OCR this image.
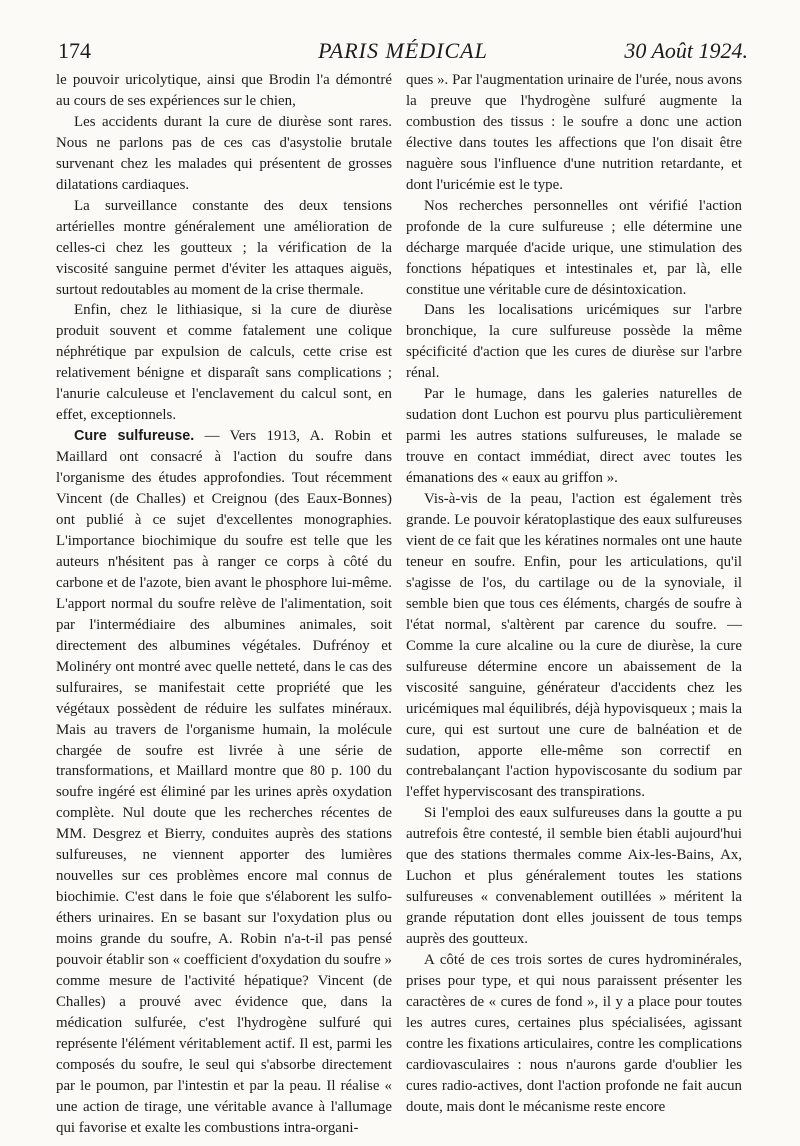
174	PARIS MÉDICAL	30 Août 1924.

le pouvoir uricolytique, ainsi que Brodin l'a démontré au cours de ses expériences sur le chien,

Les accidents durant la cure de diurèse sont rares. Nous ne parlons pas de ces cas d'asystolie brutale survenant chez les malades qui présentent de grosses dilatations cardiaques.

La surveillance constante des deux tensions artérielles montre généralement une amélioration de celles-ci chez les goutteux ; la vérification de la viscosité sanguine permet d'éviter les attaques aiguës, surtout redoutables au moment de la crise thermale.

Enfin, chez le lithiasique, si la cure de diurèse produit souvent et comme fatalement une colique néphrétique par expulsion de calculs, cette crise est relativement bénigne et disparaît sans complications ; l'anurie calculeuse et l'enclavement du calcul sont, en effet, exceptionnels.

Cure sulfureuse. — Vers 1913, A. Robin et Maillard ont consacré à l'action du soufre dans l'organisme des études approfondies. Tout récemment Vincent (de Challes) et Creignou (des Eaux-Bonnes) ont publié à ce sujet d'excellentes monographies. L'importance biochimique du soufre est telle que les auteurs n'hésitent pas à ranger ce corps à côté du carbone et de l'azote, bien avant le phosphore lui-même. L'apport normal du soufre relève de l'alimentation, soit par l'intermédiaire des albumines animales, soit directement des albumines végétales. Dufrénoy et Molinéry ont montré avec quelle netteté, dans le cas des sulfuraires, se manifestait cette propriété que les végétaux possèdent de réduire les sulfates minéraux. Mais au travers de l'organisme humain, la molécule chargée de soufre est livrée à une série de transformations, et Maillard montre que 80 p. 100 du soufre ingéré est éliminé par les urines après oxydation complète. Nul doute que les recherches récentes de MM. Desgrez et Bierry, conduites auprès des stations sulfureuses, ne viennent apporter des lumières nouvelles sur ces problèmes encore mal connus de biochimie. C'est dans le foie que s'élaborent les sulfo-éthers urinaires. En se basant sur l'oxydation plus ou moins grande du soufre, A. Robin n'a-t-il pas pensé pouvoir établir son « coefficient d'oxydation du soufre » comme mesure de l'activité hépatique? Vincent (de Challes) a prouvé avec évidence que, dans la médication sulfurée, c'est l'hydrogène sulfuré qui représente l'élément véritablement actif. Il est, parmi les composés du soufre, le seul qui s'absorbe directement par le poumon, par l'intestin et par la peau. Il réalise « une action de tirage, une véritable avance à l'allumage qui favorise et exalte les combustions intra-organi-

ques ». Par l'augmentation urinaire de l'urée, nous avons la preuve que l'hydrogène sulfuré augmente la combustion des tissus : le soufre a donc une action élective dans toutes les affections que l'on disait être naguère sous l'influence d'une nutrition retardante, et dont l'uricémie est le type.

Nos recherches personnelles ont vérifié l'action profonde de la cure sulfureuse ; elle détermine une décharge marquée d'acide urique, une stimulation des fonctions hépatiques et intestinales et, par là, elle constitue une véritable cure de désintoxication.

Dans les localisations uricémiques sur l'arbre bronchique, la cure sulfureuse possède la même spécificité d'action que les cures de diurèse sur l'arbre rénal.

Par le humage, dans les galeries naturelles de sudation dont Luchon est pourvu plus particulièrement parmi les autres stations sulfureuses, le malade se trouve en contact immédiat, direct avec toutes les émanations des « eaux au griffon ».

Vis-à-vis de la peau, l'action est également très grande. Le pouvoir kératoplastique des eaux sulfureuses vient de ce fait que les kératines normales ont une haute teneur en soufre. Enfin, pour les articulations, qu'il s'agisse de l'os, du cartilage ou de la synoviale, il semble bien que tous ces éléments, chargés de soufre à l'état normal, s'altèrent par carence du soufre. — Comme la cure alcaline ou la cure de diurèse, la cure sulfureuse détermine encore un abaissement de la viscosité sanguine, générateur d'accidents chez les uricémiques mal équilibrés, déjà hypovisqueux ; mais la cure, qui est surtout une cure de balnéation et de sudation, apporte elle-même son correctif en contrebalançant l'action hypoviscosante du sodium par l'effet hyperviscosant des transpirations.

Si l'emploi des eaux sulfureuses dans la goutte a pu autrefois être contesté, il semble bien établi aujourd'hui que des stations thermales comme Aix-les-Bains, Ax, Luchon et plus généralement toutes les stations sulfureuses « convenablement outillées » méritent la grande réputation dont elles jouissent de tous temps auprès des goutteux.

A côté de ces trois sortes de cures hydrominérales, prises pour type, et qui nous paraissent présenter les caractères de « cures de fond », il y a place pour toutes les autres cures, certaines plus spécialisées, agissant contre les fixations articulaires, contre les complications cardiovasculaires : nous n'aurons garde d'oublier les cures radio-actives, dont l'action profonde ne fait aucun doute, mais dont le mécanisme reste encore
